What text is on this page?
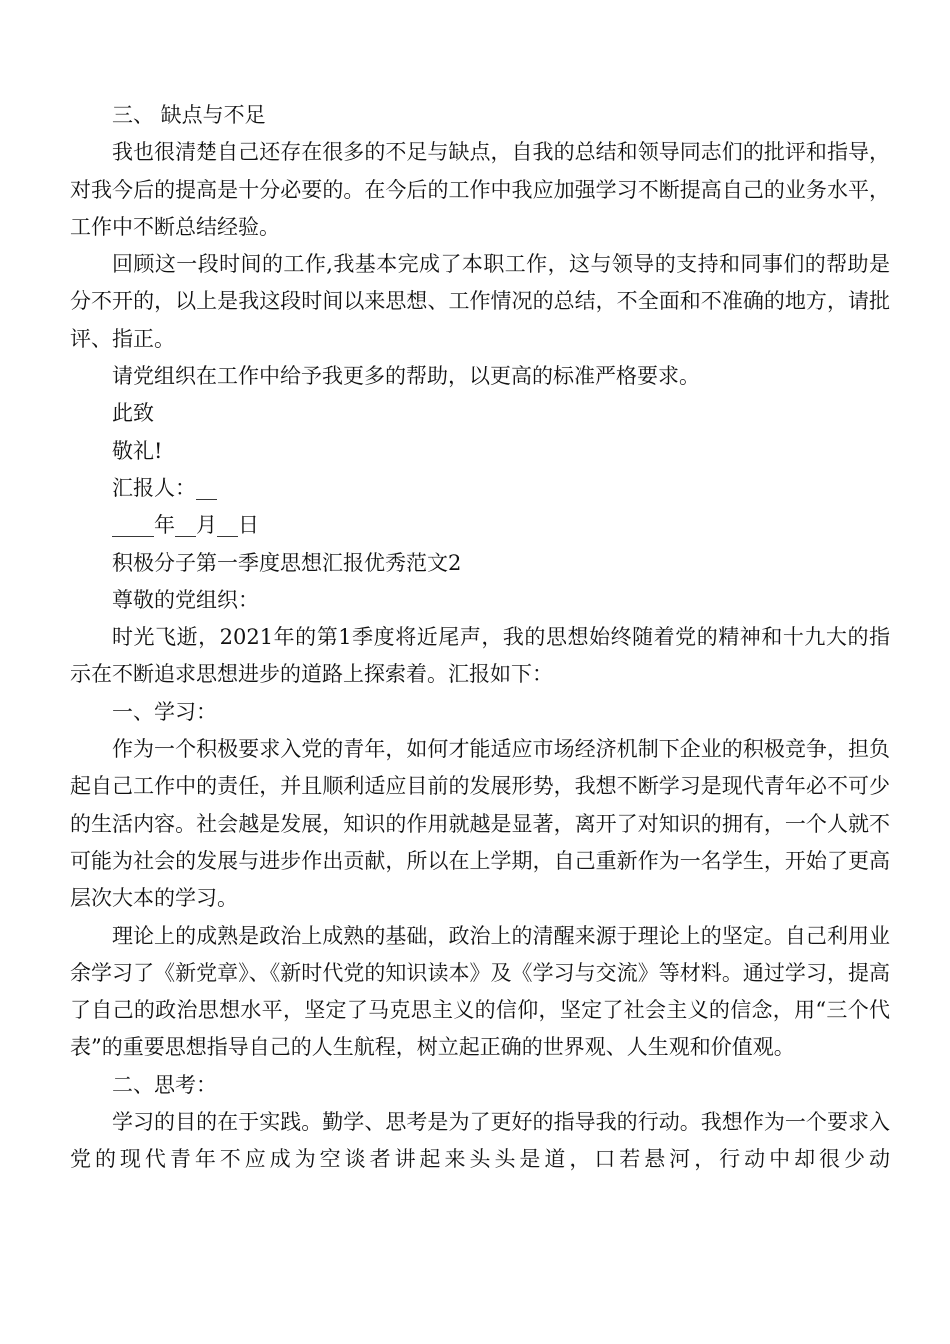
三、 缺点与不足

我也很清楚自己还存在很多的不足与缺点，自我的总结和领导同志们的批评和指导，对我今后的提高是十分必要的。在今后的工作中我应加强学习不断提高自己的业务水平，工作中不断总结经验。

回顾这一段时间的工作,我基本完成了本职工作，这与领导的支持和同事们的帮助是分不开的，以上是我这段时间以来思想、工作情况的总结，不全面和不准确的地方，请批评、指正。

请党组织在工作中给予我更多的帮助，以更高的标准严格要求。

此致

敬礼!

汇报人：__

____年__月__日

积极分子第一季度思想汇报优秀范文2

尊敬的党组织：

时光飞逝，2021年的第1季度将近尾声，我的思想始终随着党的精神和十九大的指示在不断追求思想进步的道路上探索着。汇报如下：

一、学习：

作为一个积极要求入党的青年，如何才能适应市场经济机制下企业的积极竞争，担负起自己工作中的责任，并且顺利适应目前的发展形势，我想不断学习是现代青年必不可少的生活内容。社会越是发展，知识的作用就越是显著，离开了对知识的拥有，一个人就不可能为社会的发展与进步作出贡献，所以在上学期，自己重新作为一名学生，开始了更高层次大本的学习。

理论上的成熟是政治上成熟的基础，政治上的清醒来源于理论上的坚定。自己利用业余学习了《新党章》、《新时代党的知识读本》及《学习与交流》等材料。通过学习，提高了自己的政治思想水平，坚定了马克思主义的信仰，坚定了社会主义的信念，用“三个代表”的重要思想指导自己的人生航程，树立起正确的世界观、人生观和价值观。

二、思考：

学习的目的在于实践。勤学、思考是为了更好的指导我的行动。我想作为一个要求入党的现代青年不应成为空谈者讲起来头头是道，口若悬河，行动中却很少动
